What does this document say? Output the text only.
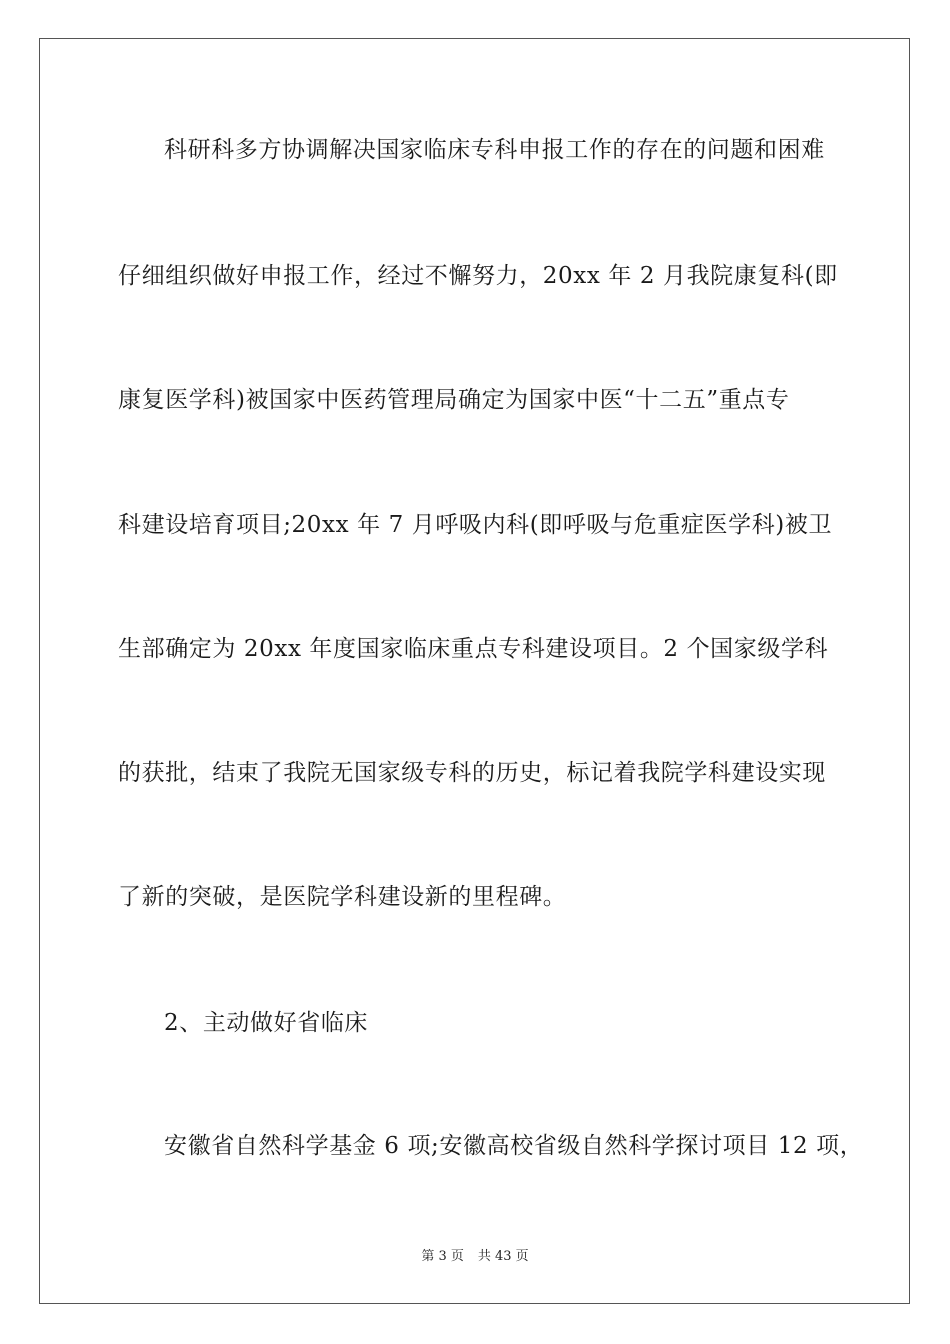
科研科多方协调解决国家临床专科申报工作的存在的问题和困难
仔细组织做好申报工作，经过不懈努力，20xx 年 2 月我院康复科(即
康复医学科)被国家中医药管理局确定为国家中医“十二五”重点专
科建设培育项目;20xx 年 7 月呼吸内科(即呼吸与危重症医学科)被卫
生部确定为 20xx 年度国家临床重点专科建设项目。2 个国家级学科
的获批，结束了我院无国家级专科的历史，标记着我院学科建设实现
了新的突破，是医院学科建设新的里程碑。
2、主动做好省临床
安徽省自然科学基金 6 项;安徽高校省级自然科学探讨项目 12 项，
第 3 页 共 43 页
